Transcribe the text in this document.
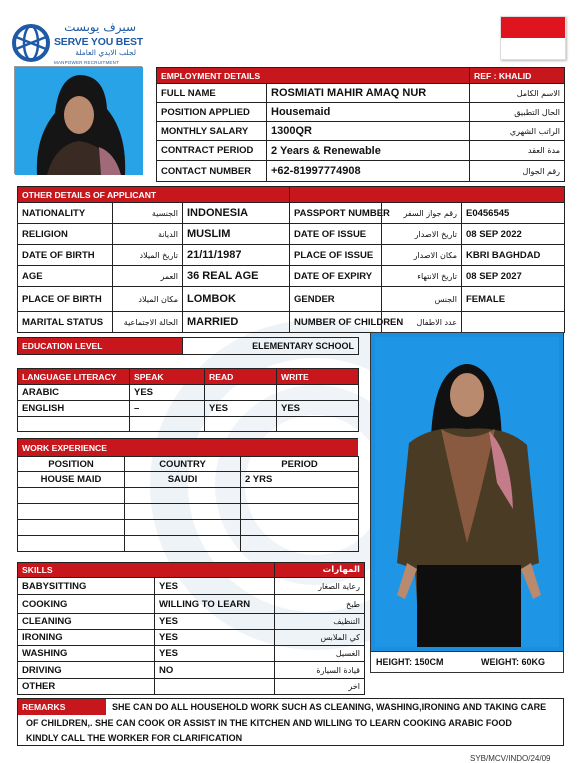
سيرف يوبست
SERVE YOU BEST
لجلب الايدي العاملة
MANPOWER RECRUITMENT
EMPLOYMENT DETAILS		REF : KHALID
FULL NAME	ROSMIATI MAHIR AMAQ NUR	الاسم الكامل
POSITION APPLIED	Housemaid	الحال التطبيق
MONTHLY SALARY	1300QR	الراتب الشهري
CONTRACT PERIOD	2 Years & Renewable	مدة العقد
CONTACT NUMBER	+62-81997774908	رقم الجوال
OTHER DETAILS OF APPLICANT					
NATIONALITY	الجنسية	INDONESIA	PASSPORT NUMBER	رقم جواز السفر	E0456545
RELIGION	الديانة	MUSLIM	DATE OF ISSUE	تاريخ الاصدار	08 SEP 2022
DATE OF BIRTH	تاريخ الميلاد	21/11/1987	PLACE OF ISSUE	مكان الاصدار	KBRI BAGHDAD
AGE	العمر	36 REAL AGE	DATE OF EXPIRY	تاريخ الانتهاء	08 SEP 2027
PLACE OF BIRTH	مكان الميلاد	LOMBOK	GENDER	الجنس	FEMALE
MARITAL STATUS	الحالة الاجتماعية	MARRIED	NUMBER OF CHILDREN	عدد الاطفال	
EDUCATION LEVEL	ELEMENTARY SCHOOL
LANGUAGE LITERACY	SPEAK	READ	WRITE
ARABIC	YES		
ENGLISH	–	YES	YES

WORK EXPERIENCE		
POSITION	COUNTRY	PERIOD
HOUSE MAID	SAUDI	2 YRS

SKILLS		المهارات
BABYSITTING	YES	رعاية الصغار
COOKING	WILLING TO LEARN	طبخ
CLEANING	YES	التنظيف
IRONING	YES	كي الملابس
WASHING	YES	الغسيل
DRIVING	NO	قيادة السيارة
OTHER		اخر
HEIGHT: 150CM	WEIGHT: 60KG
REMARKS	SHE CAN DO ALL HOUSEHOLD WORK SUCH AS CLEANING, WASHING,IRONING AND TAKING CARE
OF CHILDREN,. SHE CAN COOK OR ASSIST IN THE KITCHEN AND WILLING TO LEARN COOKING ARABIC FOOD
KINDLY CALL THE WORKER FOR CLARIFICATION
SYB/MCV/INDO/24/09
